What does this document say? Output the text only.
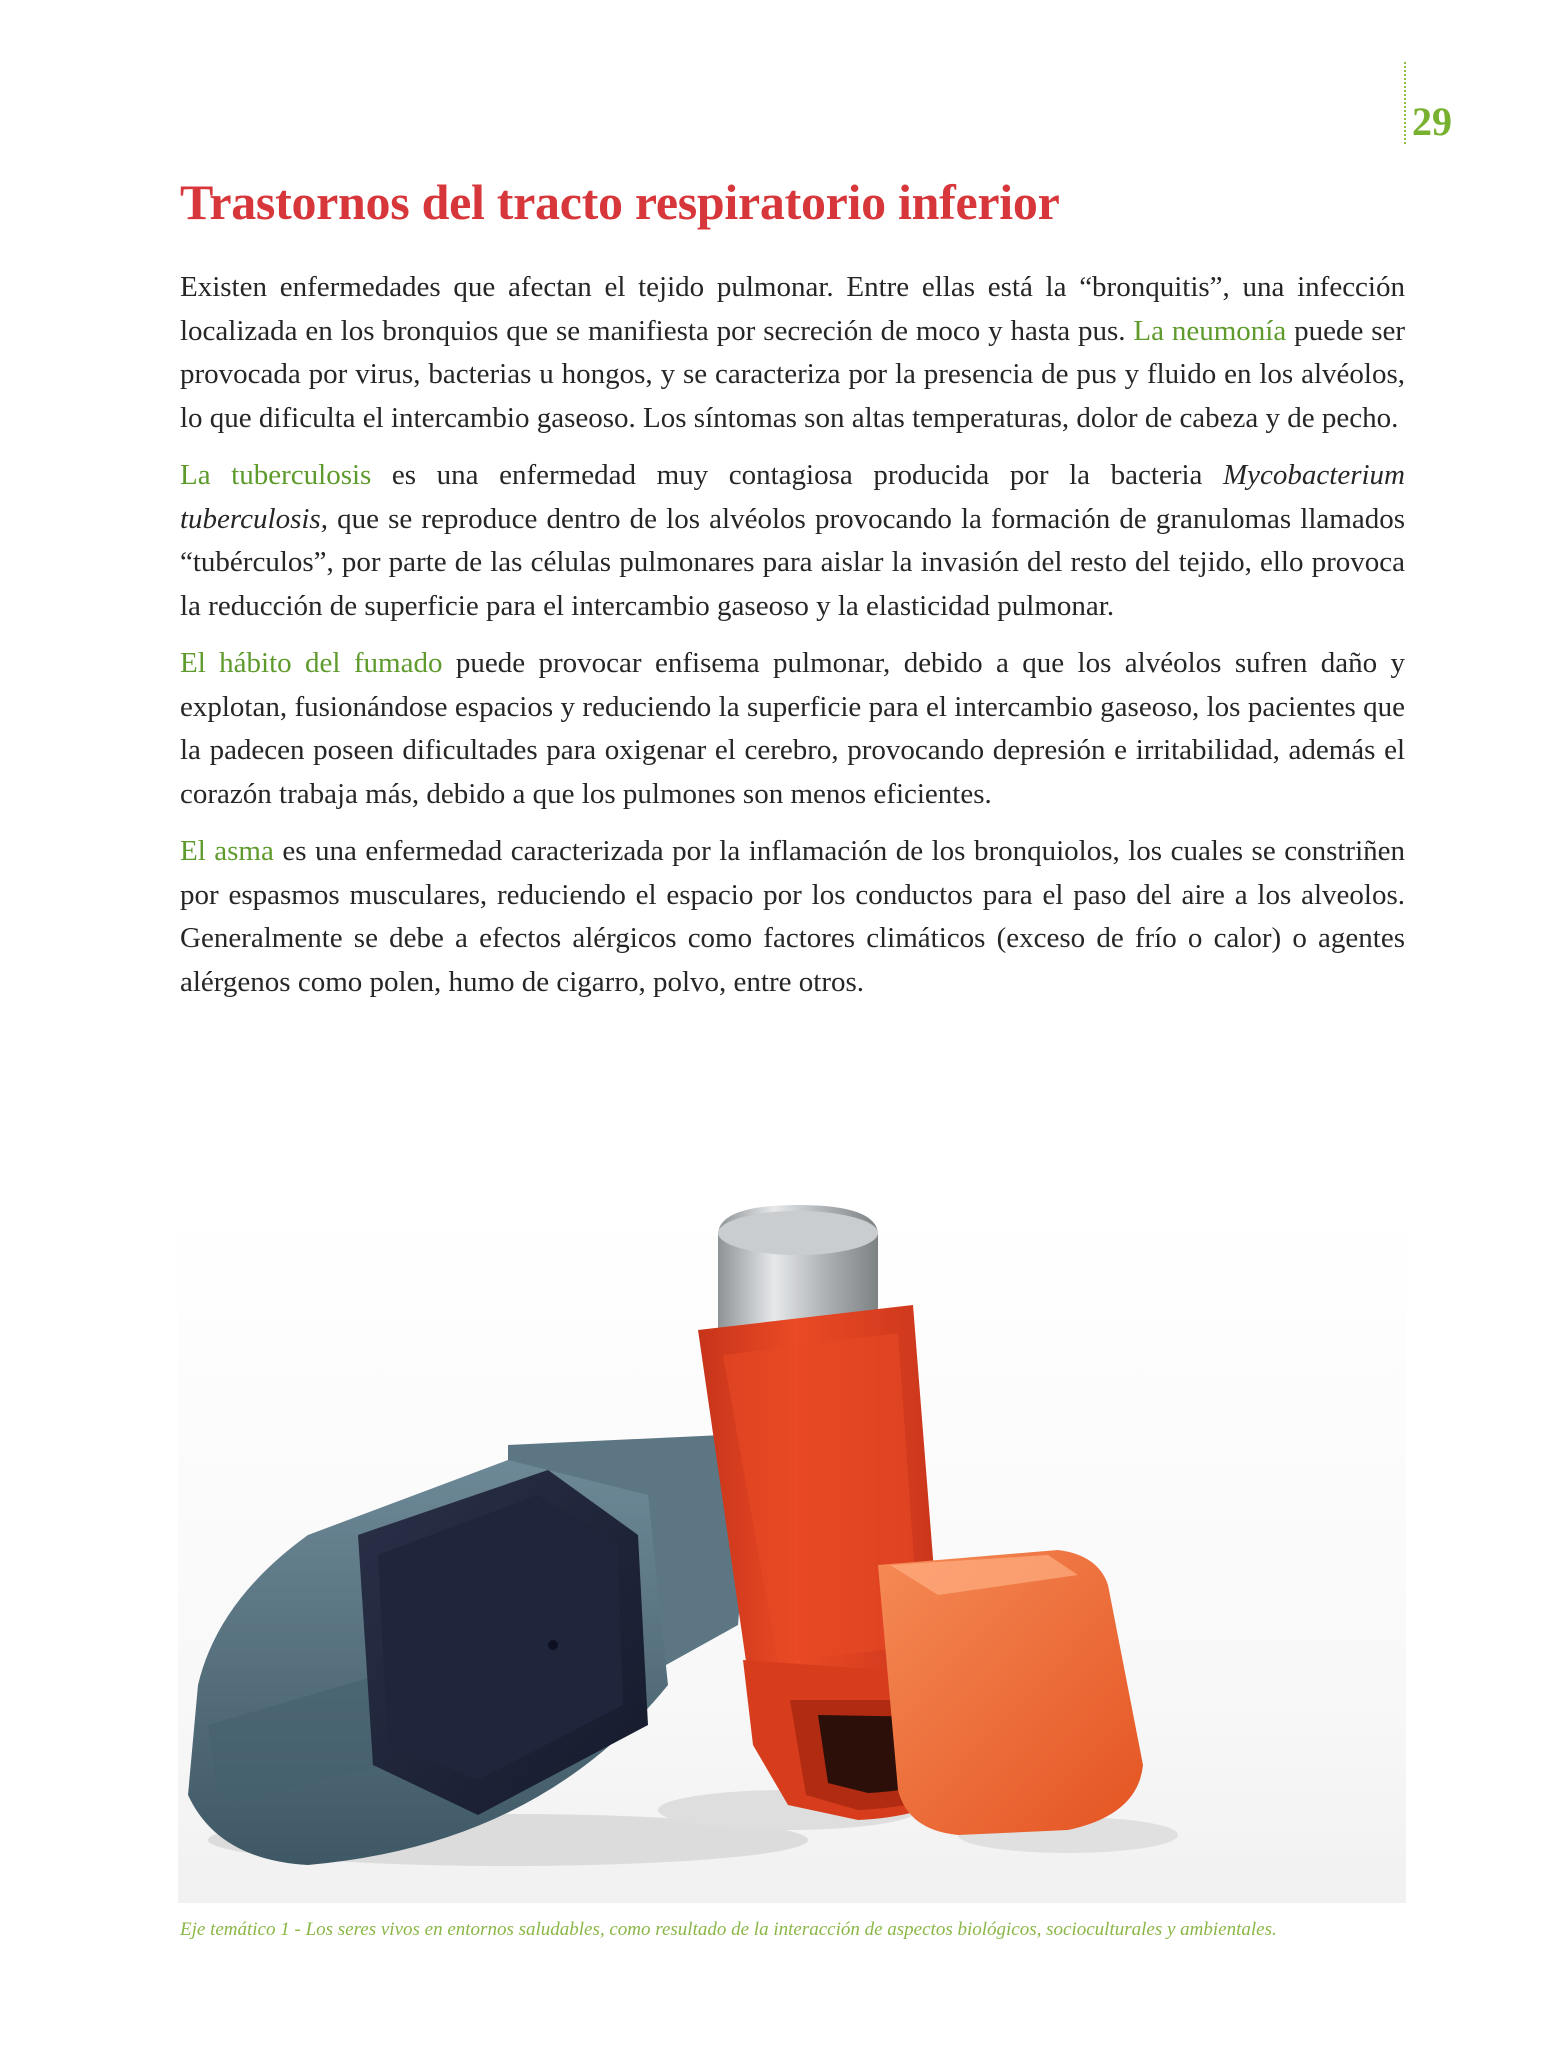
29
Trastornos del tracto respiratorio inferior

Existen enfermedades que afectan el tejido pulmonar. Entre ellas está la “bronquitis”, una infección localizada en los bronquios que se manifiesta por secreción de moco y hasta pus. La neumonía puede ser provocada por virus, bacterias u hongos, y se caracteriza por la presencia de pus y fluido en los alvéolos, lo que dificulta el intercambio gaseoso. Los síntomas son altas temperaturas, dolor de cabeza y de pecho.

La tuberculosis es una enfermedad muy contagiosa producida por la bacteria Mycobacterium tuberculosis, que se reproduce dentro de los alvéolos provocando la formación de granulomas llamados “tubérculos”, por parte de las células pulmonares para aislar la invasión del resto del tejido, ello provoca la reducción de superficie para el intercambio gaseoso y la elasticidad pulmonar.

El hábito del fumado puede provocar enfisema pulmonar, debido a que los alvéolos sufren daño y explotan, fusionándose espacios y reduciendo la superficie para el intercambio gaseoso, los pacientes que la padecen poseen dificultades para oxigenar el cerebro, provocando depresión e irritabilidad, además el corazón trabaja más, debido a que los pulmones son menos eficientes.

El asma es una enfermedad caracterizada por la inflamación de los bronquiolos, los cuales se constriñen por espasmos musculares, reduciendo el espacio por los conductos para el paso del aire a los alveolos. Generalmente se debe a efectos alérgicos como factores climáticos (exceso de frío o calor) o agentes alérgenos como polen, humo de cigarro, polvo, entre otros.

Eje temático 1 - Los seres vivos en entornos saludables, como resultado de la interacción de aspectos biológicos, socioculturales y ambientales.
